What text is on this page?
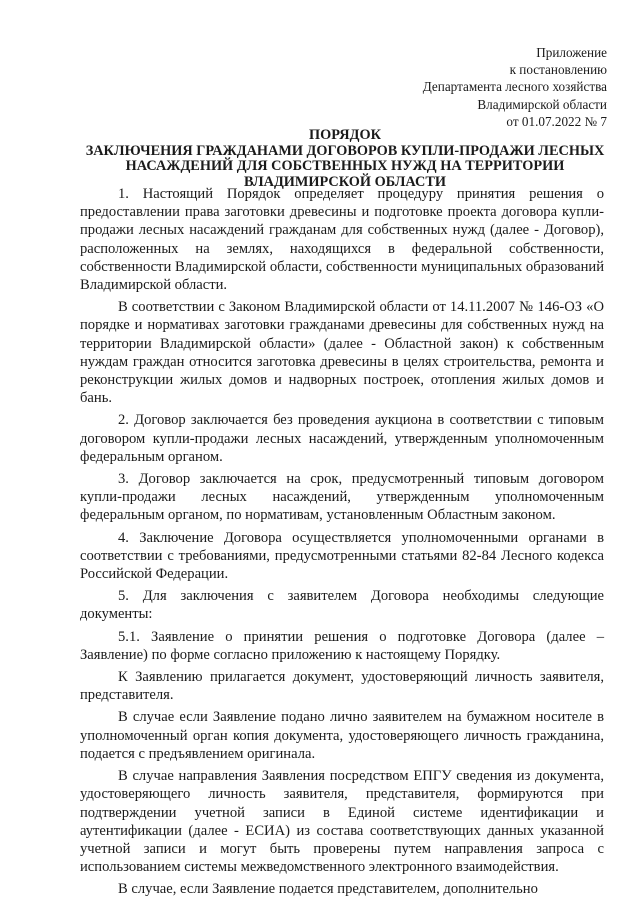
Приложение
к постановлению
Департамента лесного хозяйства
Владимирской области
от 01.07.2022 № 7
ПОРЯДОК
ЗАКЛЮЧЕНИЯ ГРАЖДАНАМИ ДОГОВОРОВ КУПЛИ-ПРОДАЖИ ЛЕСНЫХ
НАСАЖДЕНИЙ ДЛЯ СОБСТВЕННЫХ НУЖД НА ТЕРРИТОРИИ
ВЛАДИМИРСКОЙ ОБЛАСТИ

1. Настоящий Порядок определяет процедуру принятия решения о предоставлении права заготовки древесины и подготовке проекта договора купли-продажи лесных насаждений гражданам для собственных нужд (далее - Договор), расположенных на землях, находящихся в федеральной собственности, собственности Владимирской области, собственности муниципальных образований Владимирской области.

В соответствии с Законом Владимирской области от 14.11.2007 № 146-ОЗ «О порядке и нормативах заготовки гражданами древесины для собственных нужд на территории Владимирской области» (далее - Областной закон) к собственным нуждам граждан относится заготовка древесины в целях строительства, ремонта и реконструкции жилых домов и надворных построек, отопления жилых домов и бань.

2. Договор заключается без проведения аукциона в соответствии с типовым договором купли-продажи лесных насаждений, утвержденным уполномоченным федеральным органом.

3. Договор заключается на срок, предусмотренный типовым договором купли-продажи лесных насаждений, утвержденным уполномоченным федеральным органом, по нормативам, установленным Областным законом.

4. Заключение Договора осуществляется уполномоченными органами в соответствии с требованиями, предусмотренными статьями 82-84 Лесного кодекса Российской Федерации.

5. Для заключения с заявителем Договора необходимы следующие документы:

5.1. Заявление о принятии решения о подготовке Договора (далее – Заявление) по форме согласно приложению к настоящему Порядку.

К Заявлению прилагается документ, удостоверяющий личность заявителя, представителя.

В случае если Заявление подано лично заявителем на бумажном носителе в уполномоченный орган копия документа, удостоверяющего личность гражданина, подается с предъявлением оригинала.

В случае направления Заявления посредством ЕПГУ сведения из документа, удостоверяющего личность заявителя, представителя, формируются при подтверждении учетной записи в Единой системе идентификации и аутентификации (далее - ЕСИА) из состава соответствующих данных указанной учетной записи и могут быть проверены путем направления запроса с использованием системы межведомственного электронного взаимодействия.

В случае, если Заявление подается представителем, дополнительно
